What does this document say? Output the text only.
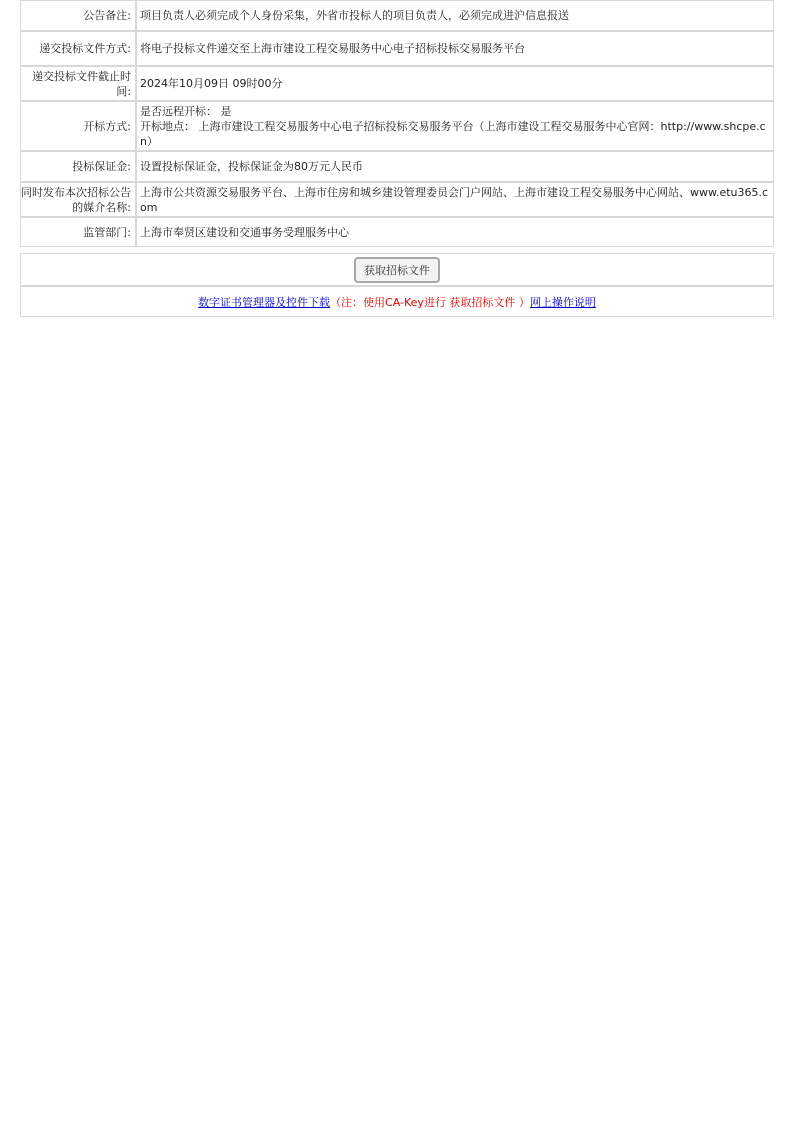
公告备注:	项目负责人必须完成个人身份采集，外省市投标人的项目负责人，必须完成进沪信息报送
递交投标文件方式:	将电子投标文件递交至上海市建设工程交易服务中心电子招标投标交易服务平台
递交投标文件截止时间:	2024年10月09日 09时00分
开标方式:	是否远程开标： 是
开标地点： 上海市建设工程交易服务中心电子招标投标交易服务平台（上海市建设工程交易服务中心官网：http://www.shcpe.cn）

投标保证金:	设置投标保证金，投标保证金为80万元人民币
同时发布本次招标公告的媒介名称:	上海市公共资源交易服务平台、上海市住房和城乡建设管理委员会门户网站、上海市建设工程交易服务中心网站、www.etu365.com
监管部门:	上海市奉贤区建设和交通事务受理服务中心
获取招标文件
数字证书管理器及控件下载（注：使用CA-Key进行 获取招标文件 ）网上操作说明
